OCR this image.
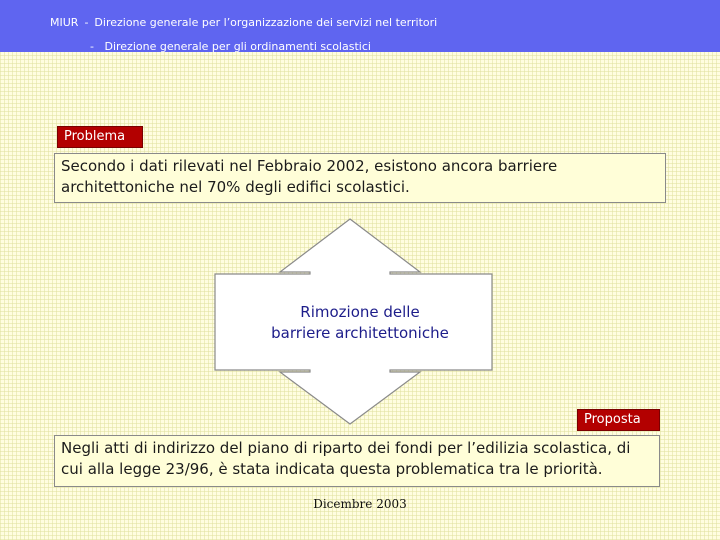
MIUR - Direzione generale per l’organizzazione dei servizi nel territori
- Direzione generale per gli ordinamenti scolastici
Problema
Secondo i dati rilevati nel Febbraio 2002, esistono ancora barriere architettoniche nel 70% degli edifici scolastici.
Rimozione delle
barriere architettoniche
Proposta
Negli atti di indirizzo del piano di riparto dei fondi per l’edilizia scolastica, di cui alla legge 23/96, è stata indicata questa problematica tra le priorità.
Dicembre 2003
